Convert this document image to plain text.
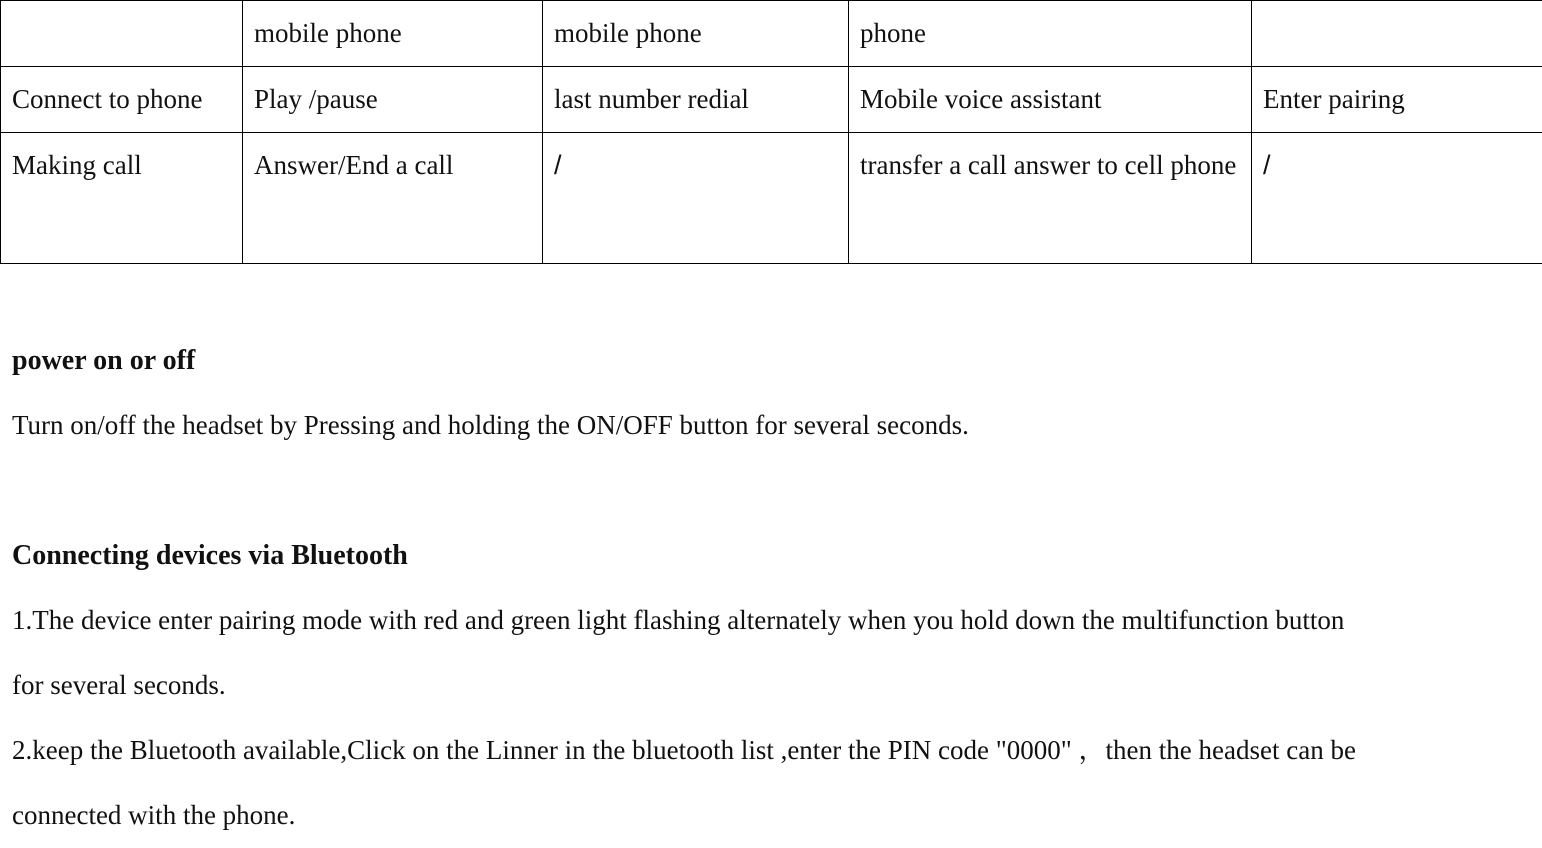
	mobile phone	mobile phone	phone	
Connect to phone	Play /pause	last number redial	Mobile voice assistant	Enter pairing
Making call	Answer/End a call	/	transfer a call answer to cell phone	/

power on or off

Turn on/off the headset by Pressing and holding the ON/OFF button for several seconds.

Connecting devices via Bluetooth

1.The device enter pairing mode with red and green light flashing alternately when you hold down the multifunction button

for several seconds.

2.keep the Bluetooth available,Click on the Linner in the bluetooth list ,enter the PIN code "0000" ，then the headset can be

connected with the phone.
